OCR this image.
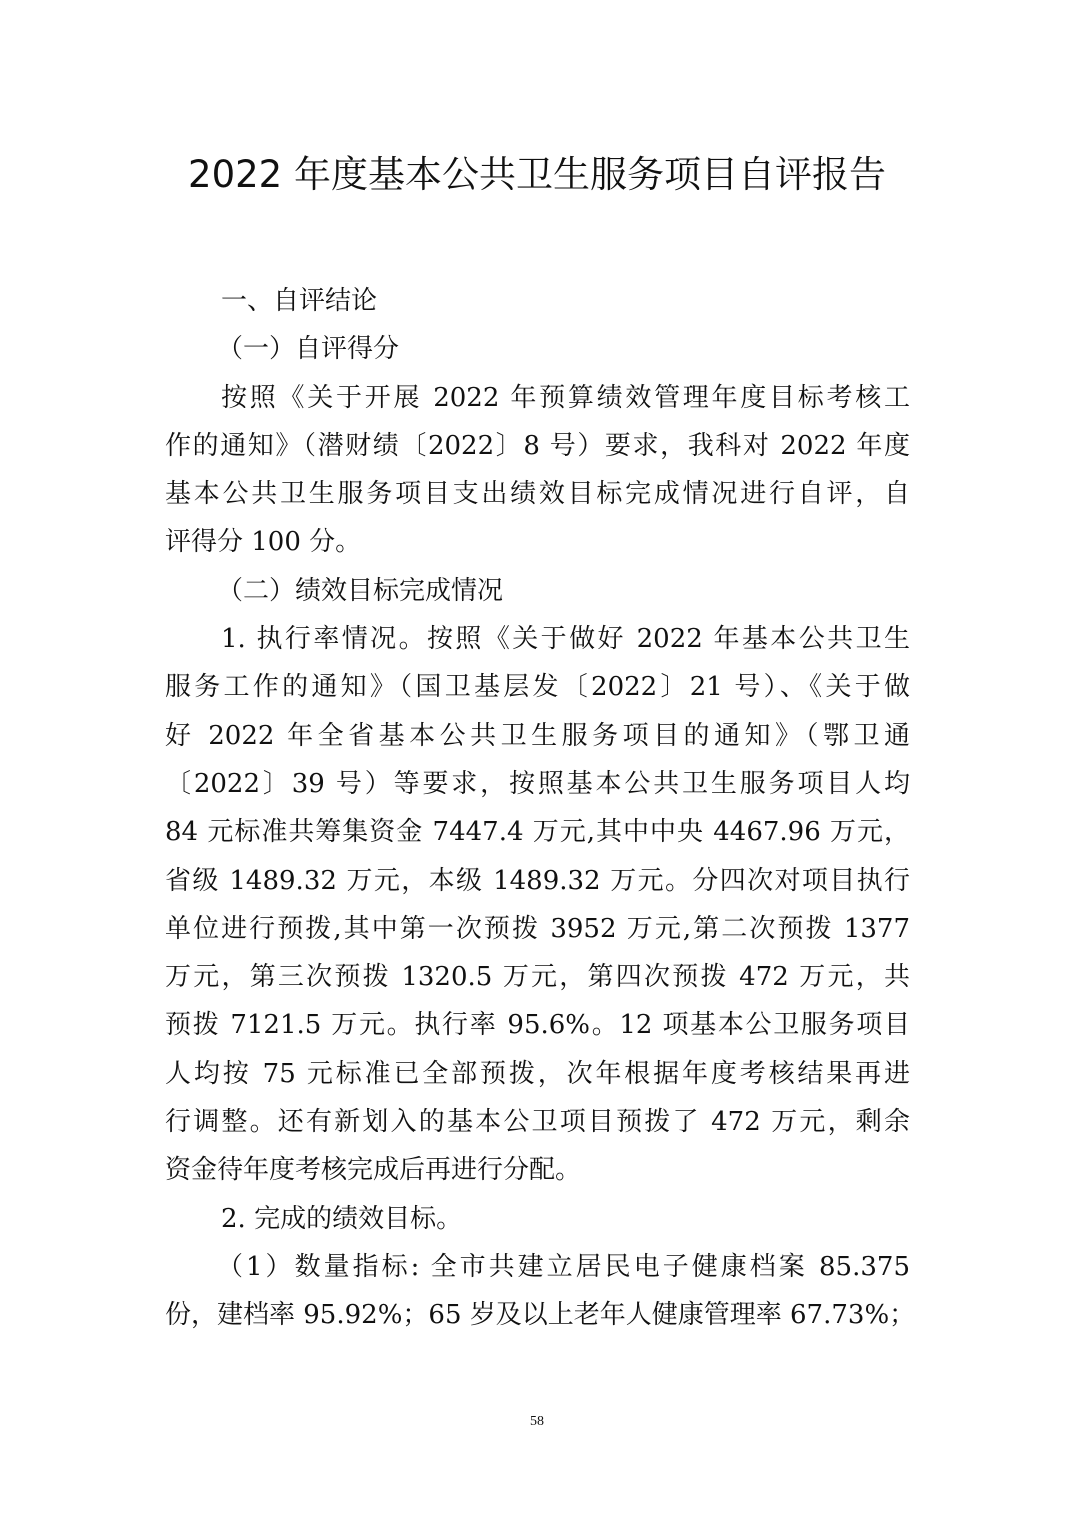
2022 年度基本公共卫生服务项目自评报告

一、自评结论

（一）自评得分

按照《关于开展 2022 年预算绩效管理年度目标考核工

作的通知》（潜财绩〔2022〕8 号）要求，我科对 2022 年度

基本公共卫生服务项目支出绩效目标完成情况进行自评，自

评得分 100 分。

（二）绩效目标完成情况

1. 执行率情况。按照《关于做好 2022 年基本公共卫生

服务工作的通知》（国卫基层发〔2022〕21 号）、《关于做

好 2022 年全省基本公共卫生服务项目的通知》（鄂卫通

〔2022〕39 号）等要求，按照基本公共卫生服务项目人均

84 元标准共筹集资金 7447.4 万元,其中中央 4467.96 万元，

省级 1489.32 万元，本级 1489.32 万元。分四次对项目执行

单位进行预拨,其中第一次预拨 3952 万元,第二次预拨 1377

万元，第三次预拨 1320.5 万元，第四次预拨 472 万元，共

预拨 7121.5 万元。执行率 95.6%。12 项基本公卫服务项目

人均按 75 元标准已全部预拨，次年根据年度考核结果再进

行调整。还有新划入的基本公卫项目预拨了 472 万元，剩余

资金待年度考核完成后再进行分配。

2. 完成的绩效目标。

（1）数量指标: 全市共建立居民电子健康档案 85.375

份，建档率 95.92%；65 岁及以上老年人健康管理率 67.73%；

58
